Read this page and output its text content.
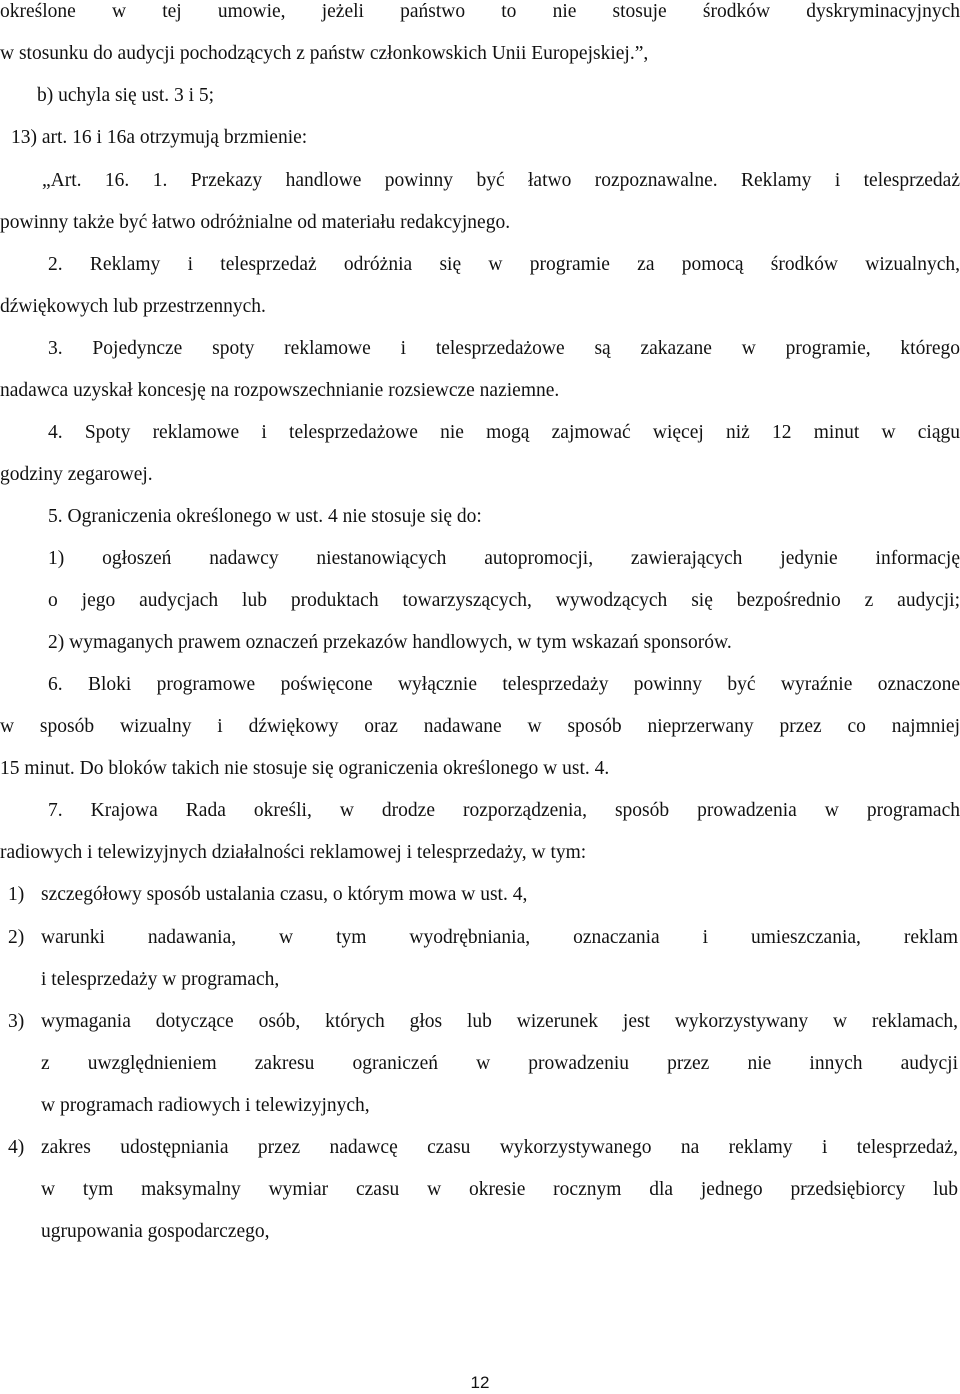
określone w tej umowie, jeżeli państwo to nie stosuje środków dyskryminacyjnych

w stosunku do audycji pochodzących z państw członkowskich Unii Europejskiej.”,

b) uchyla się ust. 3 i 5;

13) art. 16 i 16a otrzymują brzmienie:

„Art. 16. 1. Przekazy handlowe powinny być łatwo rozpoznawalne. Reklamy i telesprzedaż

powinny także być łatwo odróżnialne od materiału redakcyjnego.

2. Reklamy i telesprzedaż odróżnia się w programie za pomocą środków wizualnych,

dźwiękowych lub przestrzennych.

3. Pojedyncze spoty reklamowe i telesprzedażowe są zakazane w programie, którego

nadawca uzyskał koncesję na rozpowszechnianie rozsiewcze naziemne.

4. Spoty reklamowe i telesprzedażowe nie mogą zajmować więcej niż 12 minut w ciągu

godziny zegarowej.

5. Ograniczenia określonego w ust. 4 nie stosuje się do:

1) ogłoszeń nadawcy niestanowiących autopromocji, zawierających jedynie informację

o jego audycjach lub produktach towarzyszących, wywodzących się bezpośrednio z audycji;

2) wymaganych prawem oznaczeń przekazów handlowych, w tym wskazań sponsorów.

6. Bloki programowe poświęcone wyłącznie telesprzedaży powinny być wyraźnie oznaczone

w sposób wizualny i dźwiękowy oraz nadawane w sposób nieprzerwany przez co najmniej

15 minut. Do bloków takich nie stosuje się ograniczenia określonego w ust. 4.

7. Krajowa Rada określi, w drodze rozporządzenia, sposób prowadzenia w programach

radiowych i telewizyjnych działalności reklamowej i telesprzedaży, w tym:

1) szczegółowy sposób ustalania czasu, o którym mowa w ust. 4,
2) warunki nadawania, w tym wyodrębniania, oznaczania i umieszczania, reklam
i telesprzedaży w programach,
3) wymagania dotyczące osób, których głos lub wizerunek jest wykorzystywany w reklamach,
z uwzględnieniem zakresu ograniczeń w prowadzeniu przez nie innych audycji
w programach radiowych i telewizyjnych,
4) zakres udostępniania przez nadawcę czasu wykorzystywanego na reklamy i telesprzedaż,
w tym maksymalny wymiar czasu w okresie rocznym dla jednego przedsiębiorcy lub
ugrupowania gospodarczego,
12
